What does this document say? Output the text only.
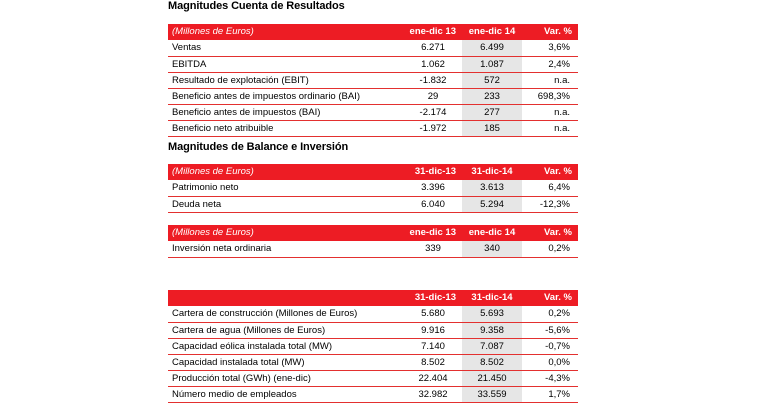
Magnitudes Cuenta de Resultados
(Millones de Euros)	ene-dic 13	ene-dic 14	Var. %
Ventas	6.271	6.499	3,6%
EBITDA	1.062	1.087	2,4%
Resultado de explotación (EBIT)	-1.832	572	n.a.
Beneficio antes de impuestos ordinario (BAI)	29	233	698,3%
Beneficio antes de impuestos (BAI)	-2.174	277	n.a.
Beneficio neto atribuible	-1.972	185	n.a.
Magnitudes de Balance e Inversión
(Millones de Euros)	31-dic-13	31-dic-14	Var. %
Patrimonio neto	3.396	3.613	6,4%
Deuda neta	6.040	5.294	-12,3%
(Millones de Euros)	ene-dic 13	ene-dic 14	Var. %
Inversión neta ordinaria	339	340	0,2%
	31-dic-13	31-dic-14	Var. %
Cartera de construcción (Millones de Euros)	5.680	5.693	0,2%
Cartera de agua (Millones de Euros)	9.916	9.358	-5,6%
Capacidad eólica instalada total (MW)	7.140	7.087	-0,7%
Capacidad instalada total (MW)	8.502	8.502	0,0%
Producción total (GWh) (ene-dic)	22.404	21.450	-4,3%
Número medio de empleados	32.982	33.559	1,7%
